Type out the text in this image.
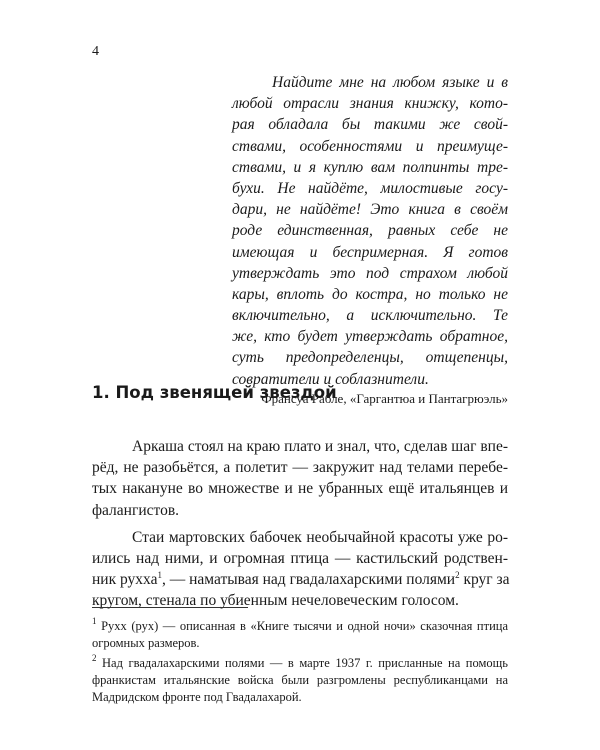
4
Найдите мне на любом языке и в
любой отрасли знания книжку, кото-
рая обладала бы такими же свой-
ствами, особенностями и преимуще-
ствами, и я куплю вам полпинты тре-
бухи. Не найдёте, милостивые госу-
дари, не найдёте! Это книга в своём
роде единственная, равных себе не
имеющая и беспримерная. Я готов
утверждать это под страхом любой
кары, вплоть до костра, но только не
включительно, а исключительно. Те
же, кто будет утверждать обратное,
суть предопределенцы, отщепенцы,
совратители и соблазнители.
Франсуа Рабле, «Гаргантюа и Пантагрюэль»
1. Под звенящей звездой
Аркаша стоял на краю плато и знал, что, сделав шаг впе-
рёд, не разобьётся, а полетит — закружит над телами перебе-
тых накануне во множестве и не убранных ещё итальянцев и
фалангистов.
Стаи мартовских бабочек необычайной красоты уже ро-
ились над ними, и огромная птица — кастильский родствен-
ник рухха$^1$, — наматывая над гвадалахарскими полями$^2$ круг за
кругом, стенала по убиенным нечеловеческим голосом.
$^1$ Рухх (рух) — описанная в «Книге тысячи и одной ночи» сказочная птица
огромных размеров.
$^2$ Над гвадалахарскими полями — в марте 1937 г. присланные на помощь
франкистам итальянские войска были разгромлены республиканцами на
Мадридском фронте под Гвадалахарой.
